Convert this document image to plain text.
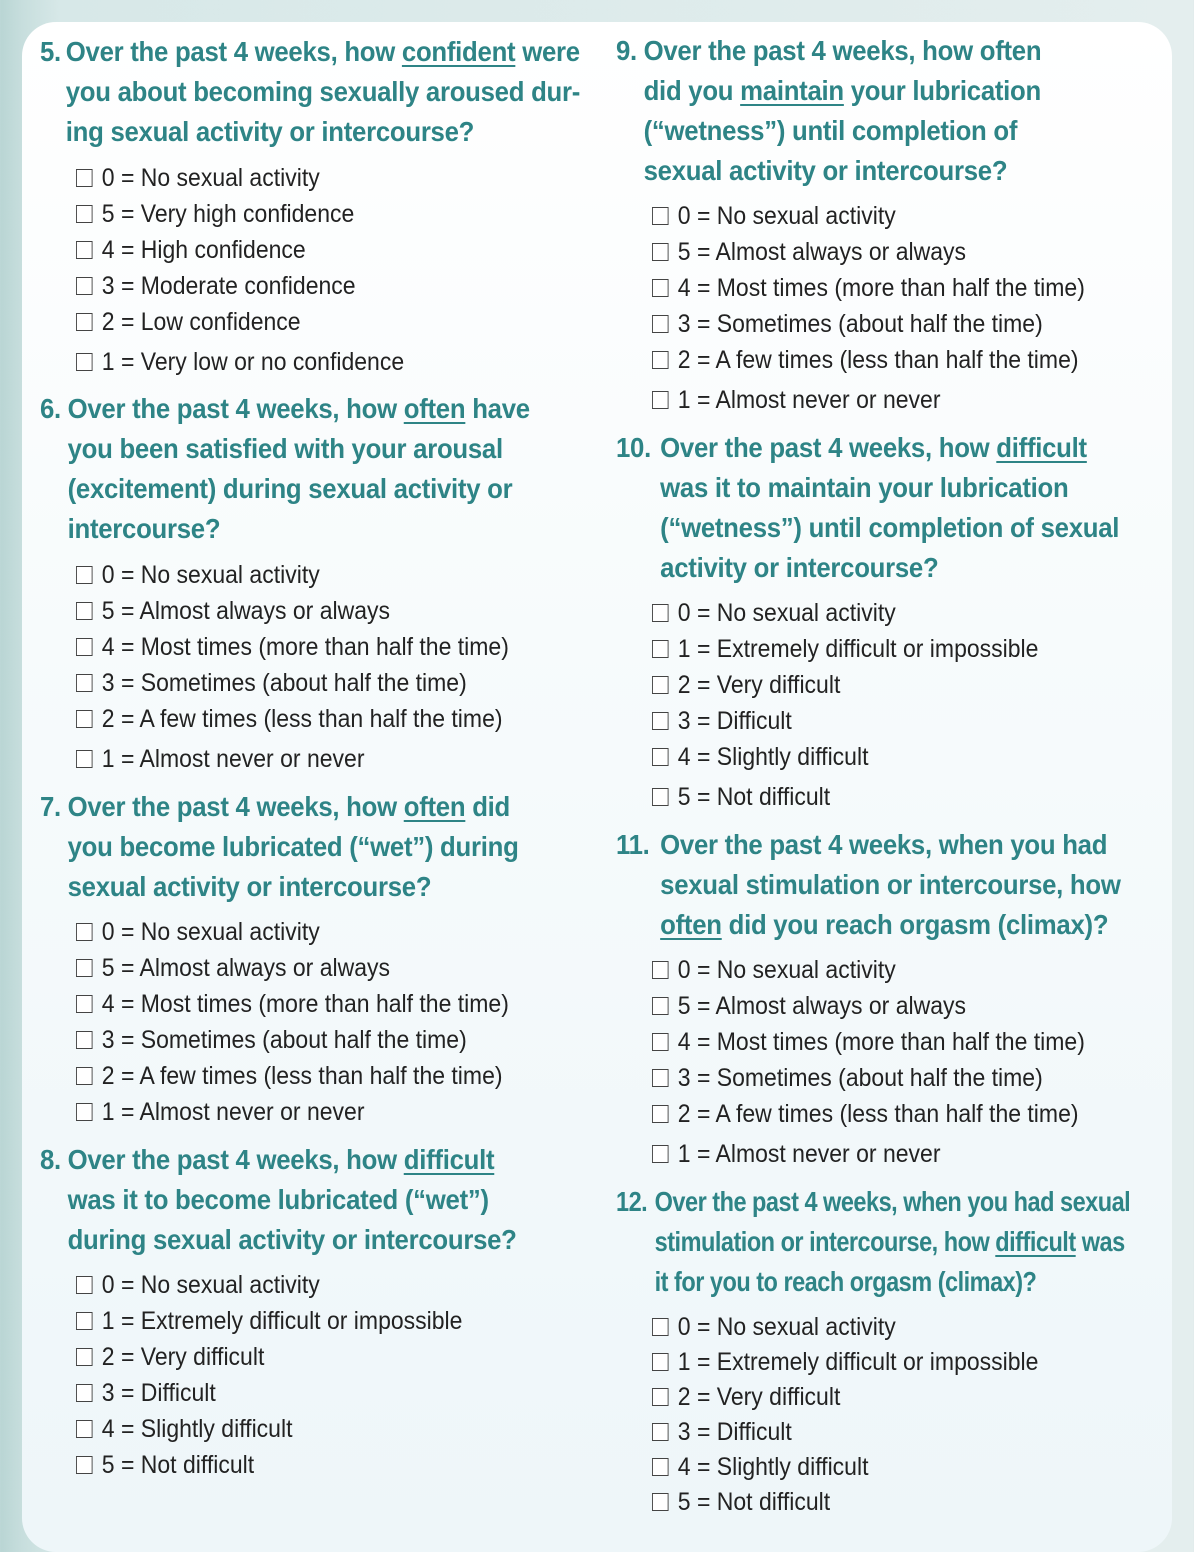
5. Over the past 4 weeks, how confident were
you about becoming sexually aroused dur-
ing sexual activity or intercourse?
0 = No sexual activity
5 = Very high confidence
4 = High confidence
3 = Moderate confidence
2 = Low confidence
1 = Very low or no confidence
6. Over the past 4 weeks, how often have
you been satisfied with your arousal
(excitement) during sexual activity or
intercourse?
0 = No sexual activity
5 = Almost always or always
4 = Most times (more than half the time)
3 = Sometimes (about half the time)
2 = A few times (less than half the time)
1 = Almost never or never
7. Over the past 4 weeks, how often did
you become lubricated (“wet”) during
sexual activity or intercourse?
0 = No sexual activity
5 = Almost always or always
4 = Most times (more than half the time)
3 = Sometimes (about half the time)
2 = A few times (less than half the time)
1 = Almost never or never
8. Over the past 4 weeks, how difficult
was it to become lubricated (“wet”)
during sexual activity or intercourse?
0 = No sexual activity
1 = Extremely difficult or impossible
2 = Very difficult
3 = Difficult
4 = Slightly difficult
5 = Not difficult
9. Over the past 4 weeks, how often
did you maintain your lubrication
(“wetness”) until completion of
sexual activity or intercourse?
0 = No sexual activity
5 = Almost always or always
4 = Most times (more than half the time)
3 = Sometimes (about half the time)
2 = A few times (less than half the time)
1 = Almost never or never
10. Over the past 4 weeks, how difficult
was it to maintain your lubrication
(“wetness”) until completion of sexual
activity or intercourse?
0 = No sexual activity
1 = Extremely difficult or impossible
2 = Very difficult
3 = Difficult
4 = Slightly difficult
5 = Not difficult
11. Over the past 4 weeks, when you had
sexual stimulation or intercourse, how
often did you reach orgasm (climax)?
0 = No sexual activity
5 = Almost always or always
4 = Most times (more than half the time)
3 = Sometimes (about half the time)
2 = A few times (less than half the time)
1 = Almost never or never
12. Over the past 4 weeks, when you had sexual
stimulation or intercourse, how difficult was
it for you to reach orgasm (climax)?
0 = No sexual activity
1 = Extremely difficult or impossible
2 = Very difficult
3 = Difficult
4 = Slightly difficult
5 = Not difficult
